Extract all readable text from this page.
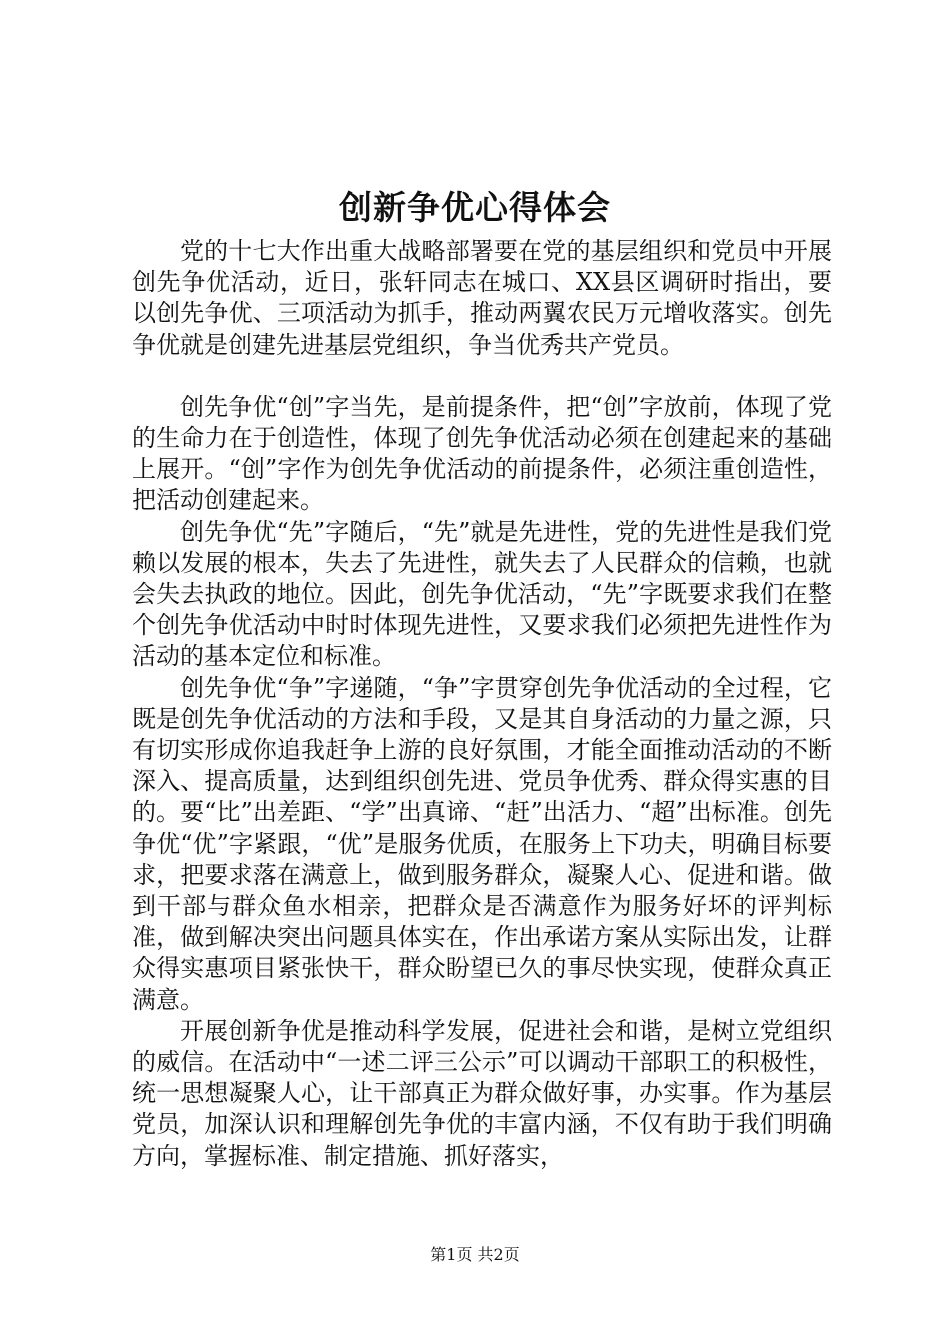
创新争优心得体会

党的十七大作出重大战略部署要在党的基层组织和党员中开展创先争优活动，近日，张轩同志在城口、XX县区调研时指出，要以创先争优、三项活动为抓手，推动两翼农民万元增收落实。创先争优就是创建先进基层党组织，争当优秀共产党员。

创先争优“创”字当先，是前提条件，把“创”字放前，体现了党的生命力在于创造性，体现了创先争优活动必须在创建起来的基础上展开。“创”字作为创先争优活动的前提条件，必须注重创造性，把活动创建起来。

创先争优“先”字随后，“先”就是先进性，党的先进性是我们党赖以发展的根本，失去了先进性，就失去了人民群众的信赖，也就会失去执政的地位。因此，创先争优活动，“先”字既要求我们在整个创先争优活动中时时体现先进性，又要求我们必须把先进性作为活动的基本定位和标准。

创先争优“争”字递随，“争”字贯穿创先争优活动的全过程，它既是创先争优活动的方法和手段，又是其自身活动的力量之源，只有切实形成你追我赶争上游的良好氛围，才能全面推动活动的不断深入、提高质量，达到组织创先进、党员争优秀、群众得实惠的目的。要“比”出差距、“学”出真谛、“赶”出活力、“超”出标准。创先争优“优”字紧跟，“优”是服务优质，在服务上下功夫，明确目标要求，把要求落在满意上，做到服务群众，凝聚人心、促进和谐。做到干部与群众鱼水相亲，把群众是否满意作为服务好坏的评判标准，做到解决突出问题具体实在，作出承诺方案从实际出发，让群众得实惠项目紧张快干，群众盼望已久的事尽快实现，使群众真正满意。

开展创新争优是推动科学发展，促进社会和谐，是树立党组织的威信。在活动中“一述二评三公示”可以调动干部职工的积极性，统一思想凝聚人心，让干部真正为群众做好事，办实事。作为基层党员，加深认识和理解创先争优的丰富内涵，不仅有助于我们明确方向，掌握标准、制定措施、抓好落实，

第1页 共2页
